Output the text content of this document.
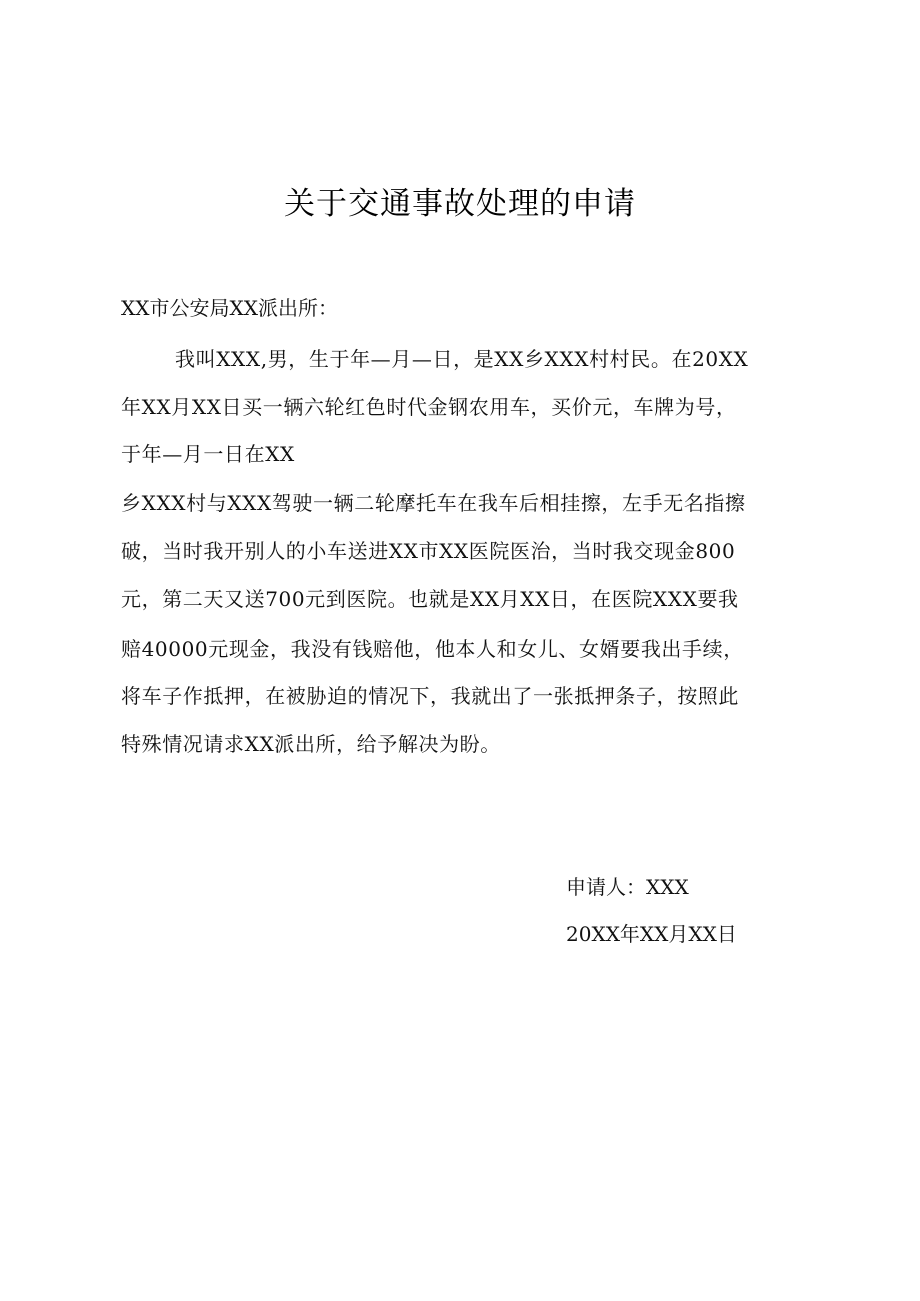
关于交通事故处理的申请
XX市公安局XX派出所：
我叫XXX,男，生于年—月—日，是XX乡XXX村村民。在20XX
年XX月XX日买一辆六轮红色时代金钢农用车，买价元，车牌为号，
于年—月一日在XX
乡XXX村与XXX驾驶一辆二轮摩托车在我车后相挂擦，左手无名指擦
破，当时我开别人的小车送进XX市XX医院医治，当时我交现金800
元，第二天又送700元到医院。也就是XX月XX日，在医院XXX要我
赔40000元现金，我没有钱赔他，他本人和女儿、女婿要我出手续，
将车子作抵押，在被胁迫的情况下，我就出了一张抵押条子，按照此
特殊情况请求XX派出所，给予解决为盼。
申请人：XXX
20XX年XX月XX日
